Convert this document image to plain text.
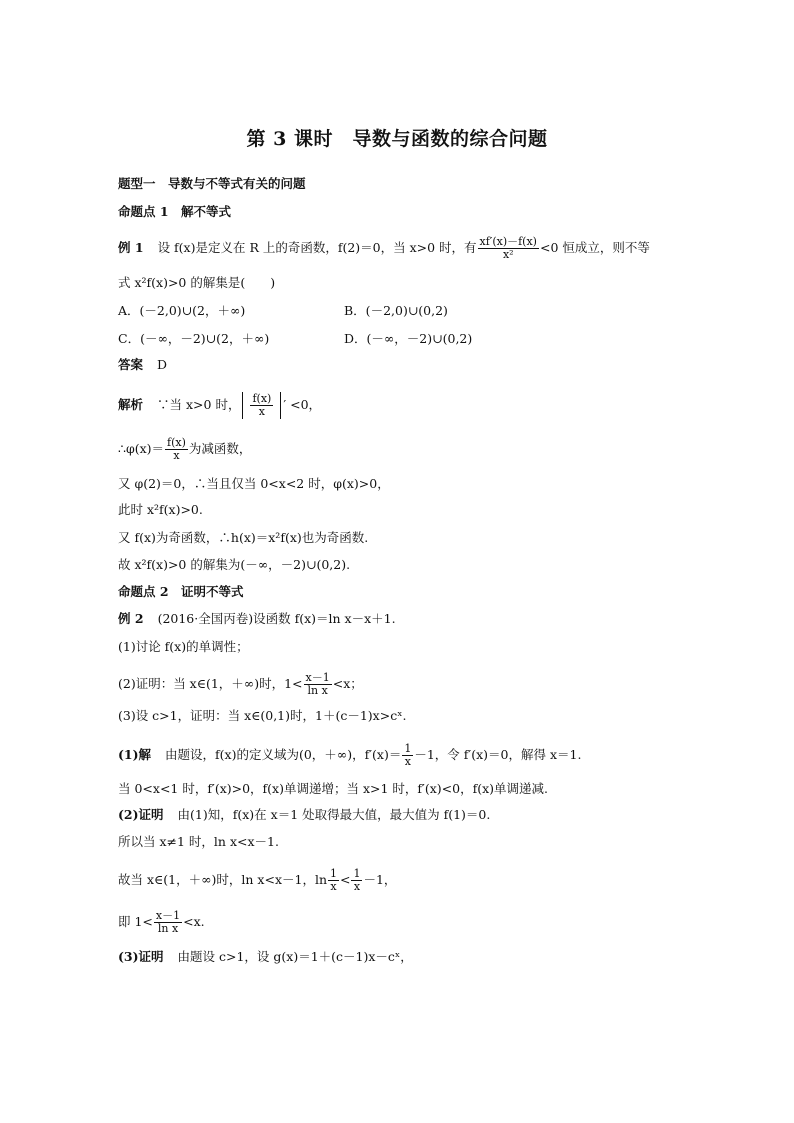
第 3 课时　导数与函数的综合问题
题型一　导数与不等式有关的问题
命题点 1　解不等式
例 1 设 f(x)是定义在 R 上的奇函数，f(2)＝0，当 x>0 时，有 $\frac{xf'(x)-f(x)}{\text{x²}} <0$ 恒成立，则不等
式 x²f(x)>0 的解集是(　　)
A．(－2,0)∪(2，＋∞)	B．(－2,0)∪(0,2)
C．(－∞，－2)∪(2，＋∞)	D．(－∞，－2)∪(0,2)
答案 D
解析 ∵当 x>0 时， $\frac{f(x)}{x}$ ′ <0，
∴φ(x)＝ $\frac{f(x)}{x}$ 为减函数，
又 φ(2)＝0，∴当且仅当 0<x<2 时，φ(x)>0，
此时 x²f(x)>0.
又 f(x)为奇函数，∴h(x)＝x²f(x)也为奇函数.
故 x²f(x)>0 的解集为(－∞，－2)∪(0,2).
命题点 2　证明不等式
例 2 (2016·全国丙卷)设函数 f(x)＝ln x－x＋1.
(1)讨论 f(x)的单调性；
(2)证明：当 x∈(1，＋∞)时，$1< \frac{x-1}{\text{ln x}} <x$；
(3)设 c>1，证明：当 x∈(0,1)时，1＋(c－1)x>cˣ.
(1)解 由题设，f(x)的定义域为(0，＋∞)，$f'(x)= \frac{1}{x} -1$，令 f′(x)＝0，解得 x＝1.
当 0<x<1 时，f′(x)>0，f(x)单调递增；当 x>1 时，f′(x)<0，f(x)单调递减.
(2)证明 由(1)知，f(x)在 x＝1 处取得最大值，最大值为 f(1)＝0.
所以当 x≠1 时，ln x<x－1.
故当 x∈(1，＋∞)时，ln x<x－1，$\ln \frac{1}{x} < \frac{1}{x} -1$，
即 $1< \frac{x-1}{\text{ln x}} <x$.
(3)证明 由题设 c>1，设 g(x)＝1＋(c－1)x－cˣ，
